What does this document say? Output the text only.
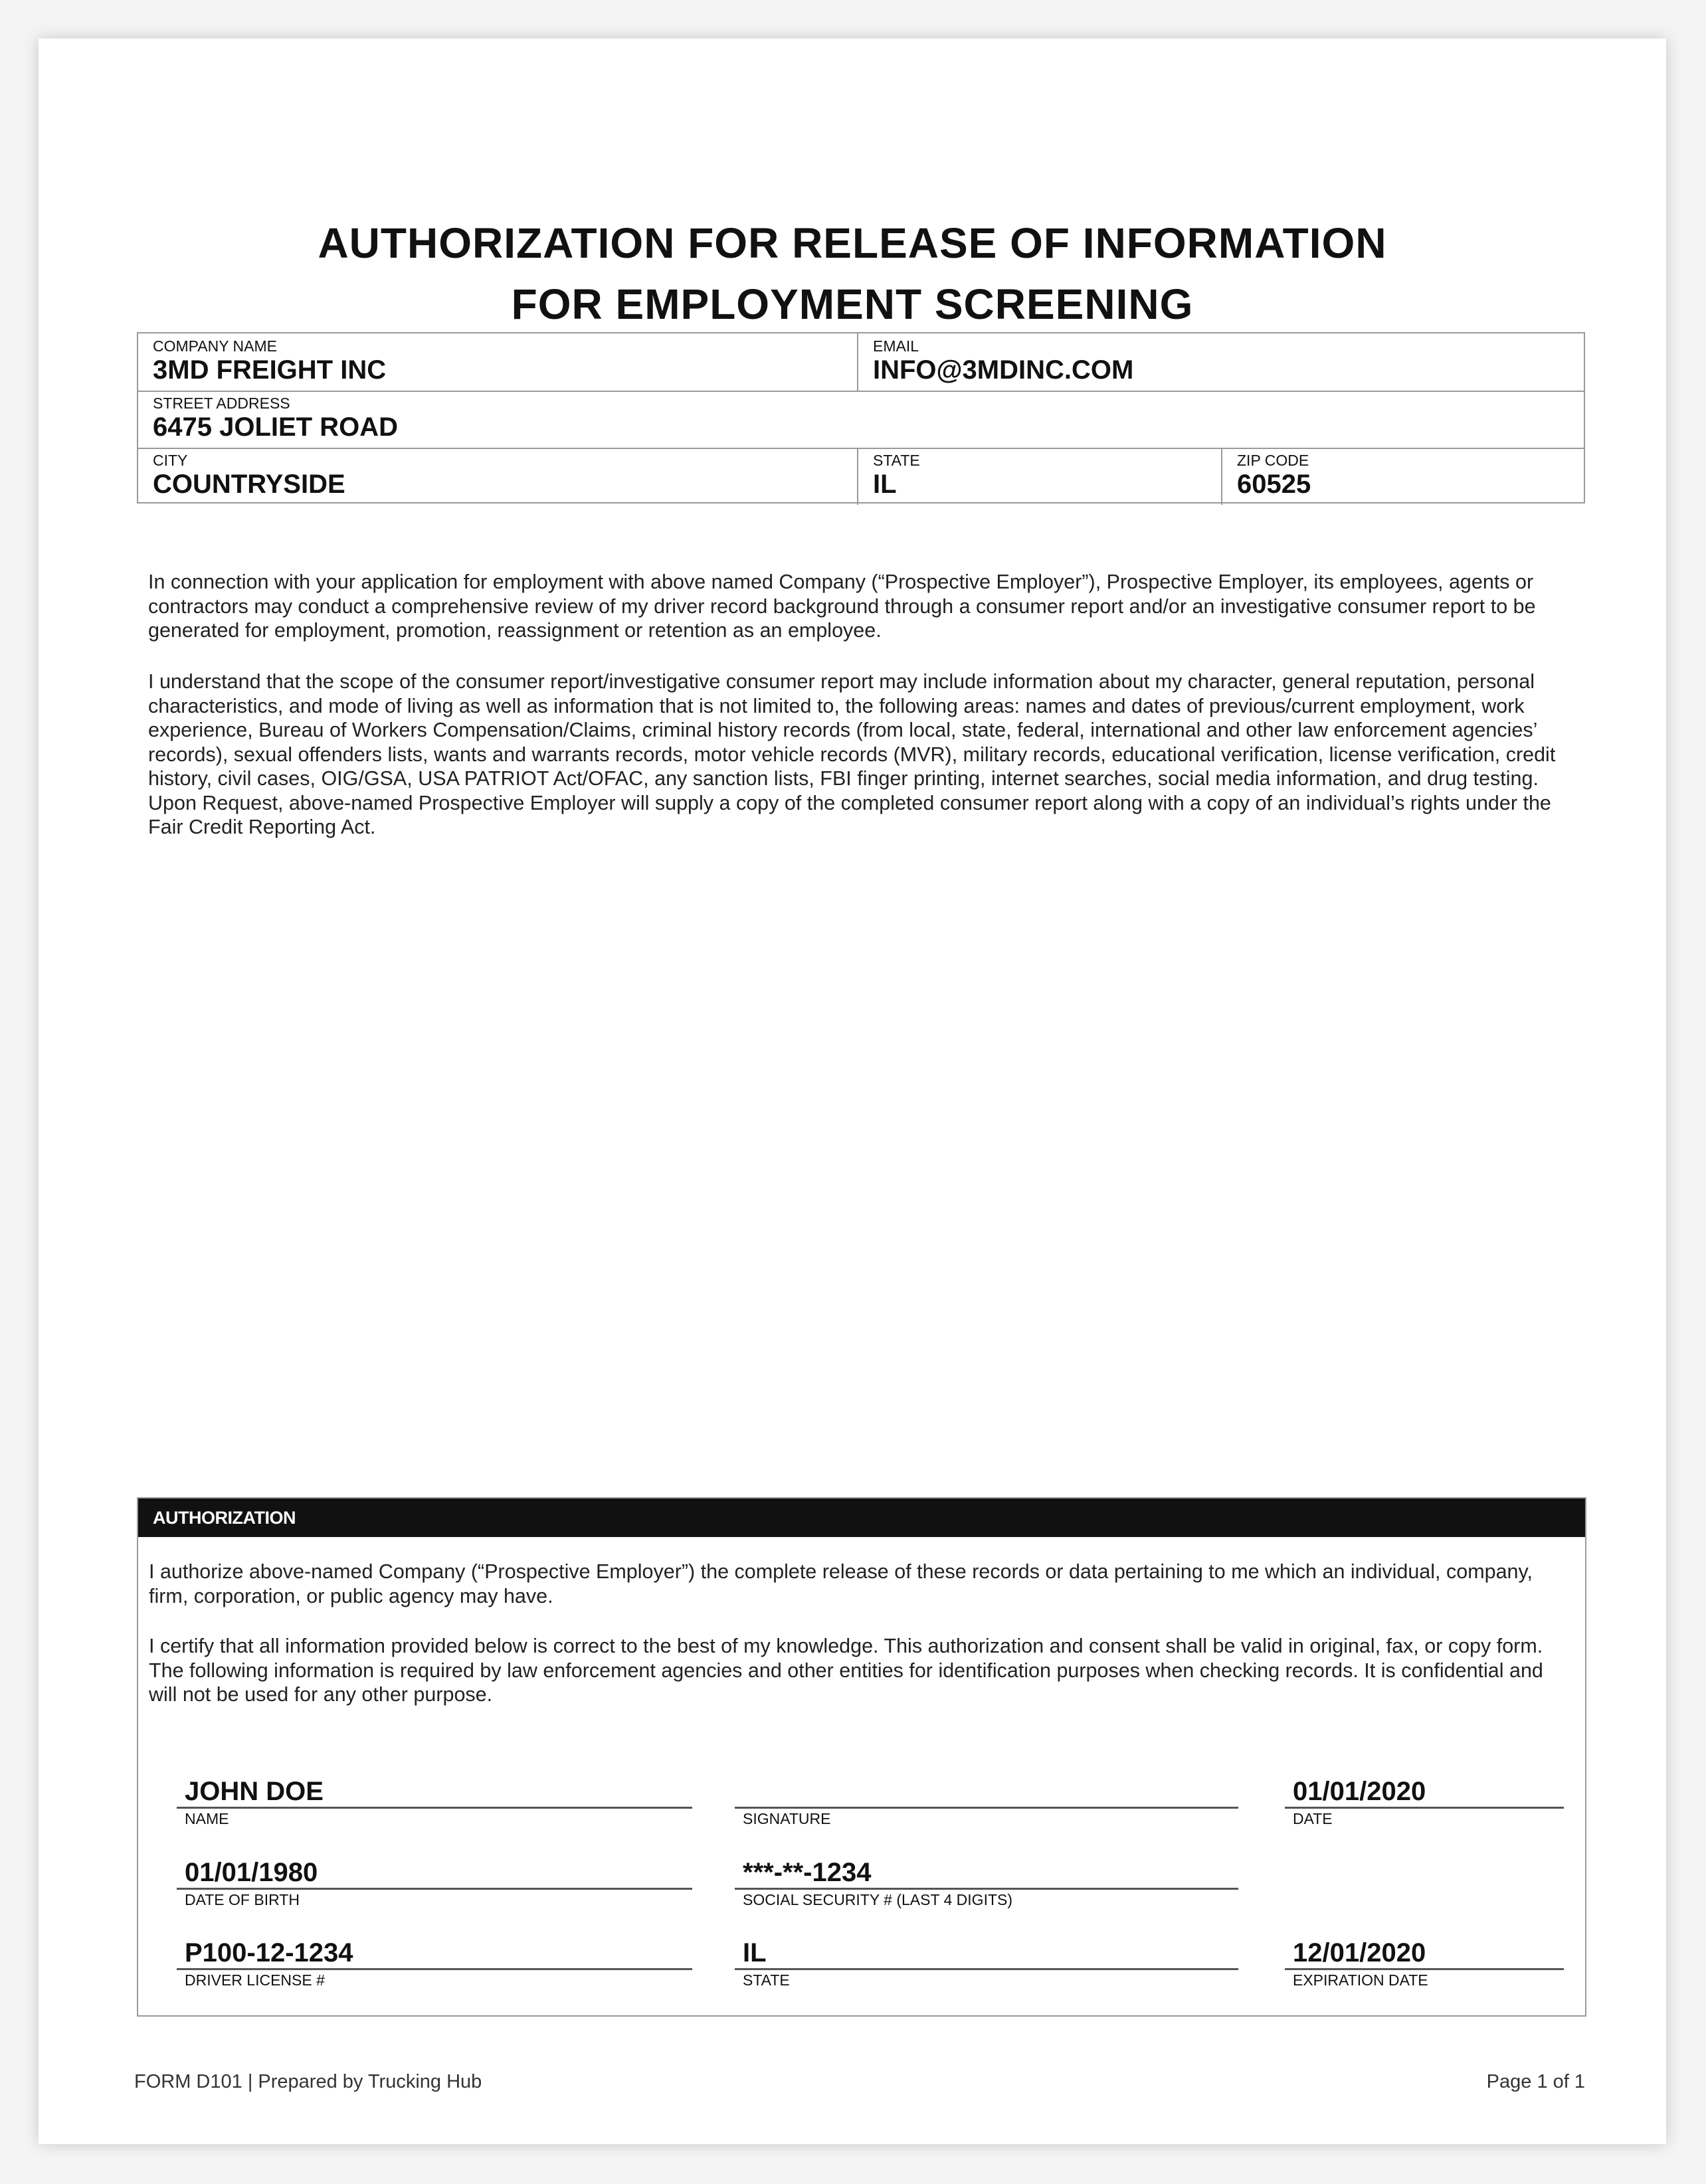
AUTHORIZATION FOR RELEASE OF INFORMATION
FOR EMPLOYMENT SCREENING
COMPANY NAME
3MD FREIGHT INC
EMAIL
INFO@3MDINC.COM
STREET ADDRESS
6475 JOLIET ROAD
CITY
COUNTRYSIDE
STATE
IL
ZIP CODE
60525
In connection with your application for employment with above named Company (“Prospective Employer”), Prospective Employer, its employees, agents or contractors may conduct a comprehensive review of my driver record background through a consumer report and/or an investigative consumer report to be generated for employment, promotion, reassignment or retention as an employee.
I understand that the scope of the consumer report/investigative consumer report may include information about my character, general reputation, personal characteristics, and mode of living as well as information that is not limited to, the following areas: names and dates of previous/current employment, work experience, Bureau of Workers Compensation/Claims, criminal history records (from local, state, federal, international and other law enforcement agencies’ records), sexual offenders lists, wants and warrants records, motor vehicle records (MVR), military records, educational verification, license verification, credit history, civil cases, OIG/GSA, USA PATRIOT Act/OFAC, any sanction lists, FBI finger printing, internet searches, social media information, and drug testing. Upon Request, above-named Prospective Employer will supply a copy of the completed consumer report along with a copy of an individual’s rights under the Fair Credit Reporting Act.
AUTHORIZATION
I authorize above-named Company (“Prospective Employer”) the complete release of these records or data pertaining to me which an individual, company, firm, corporation, or public agency may have.
I certify that all information provided below is correct to the best of my knowledge. This authorization and consent shall be valid in original, fax, or copy form. The following information is required by law enforcement agencies and other entities for identification purposes when checking records. It is confidential and will not be used for any other purpose.
JOHN DOE
NAME	SIGNATURE
01/01/2020
DATE
01/01/1980
DATE OF BIRTH
***-**-1234
SOCIAL SECURITY # (LAST 4 DIGITS)
P100-12-1234
DRIVER LICENSE #
IL
STATE
12/01/2020
EXPIRATION DATE
FORM D101 | Prepared by Trucking Hub	Page 1 of 1
